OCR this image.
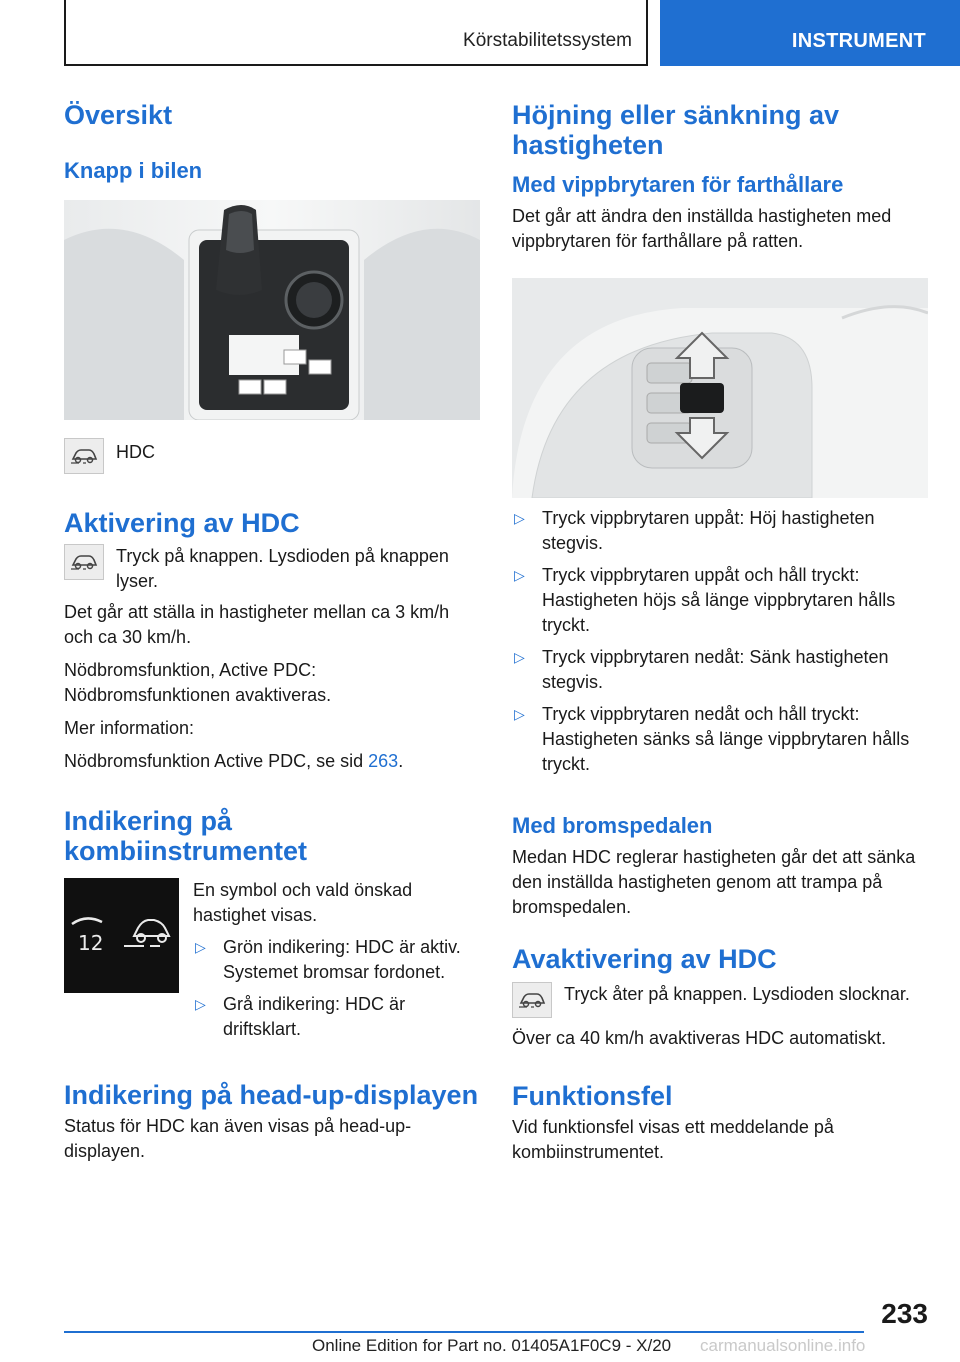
Körstabilitetssystem	INSTRUMENT
Översikt
Knapp i bilen
HDC
Aktivering av HDC
Tryck på knappen. Lysdioden på knappen lyser.

Det går att ställa in hastigheter mellan ca 3 km/h och ca 30 km/h.

Nödbromsfunktion, Active PDC: Nödbromsfunktionen avaktiveras.

Mer information:

Nödbromsfunktion Active PDC, se sid 263.

Indikering på kombiinstrumentet
12

En symbol och vald önskad hastighet visas.

▷ Grön indikering: HDC är aktiv. Systemet bromsar fordonet.
▷ Grå indikering: HDC är driftsklart.
Indikering på head-up-displayen

Status för HDC kan även visas på head-up-displayen.

Höjning eller sänkning av hastigheten
Med vippbrytaren för farthållare

Det går att ändra den inställda hastigheten med vippbrytaren för farthållare på ratten.

▷ Tryck vippbrytaren uppåt: Höj hastigheten stegvis.
▷ Tryck vippbrytaren uppåt och håll tryckt: Hastigheten höjs så länge vippbrytaren hålls tryckt.
▷ Tryck vippbrytaren nedåt: Sänk hastigheten stegvis.
▷ Tryck vippbrytaren nedåt och håll tryckt: Hastigheten sänks så länge vippbrytaren hålls tryckt.
Med bromspedalen

Medan HDC reglerar hastigheten går det att sänka den inställda hastigheten genom att trampa på bromspedalen.

Avaktivering av HDC
Tryck åter på knappen. Lysdioden slocknar.

Över ca 40 km/h avaktiveras HDC automatiskt.

Funktionsfel

Vid funktionsfel visas ett meddelande på kombiinstrumentet.

233
Online Edition for Part no. 01405A1F0C9 - X/20 carmanualsonline.info
